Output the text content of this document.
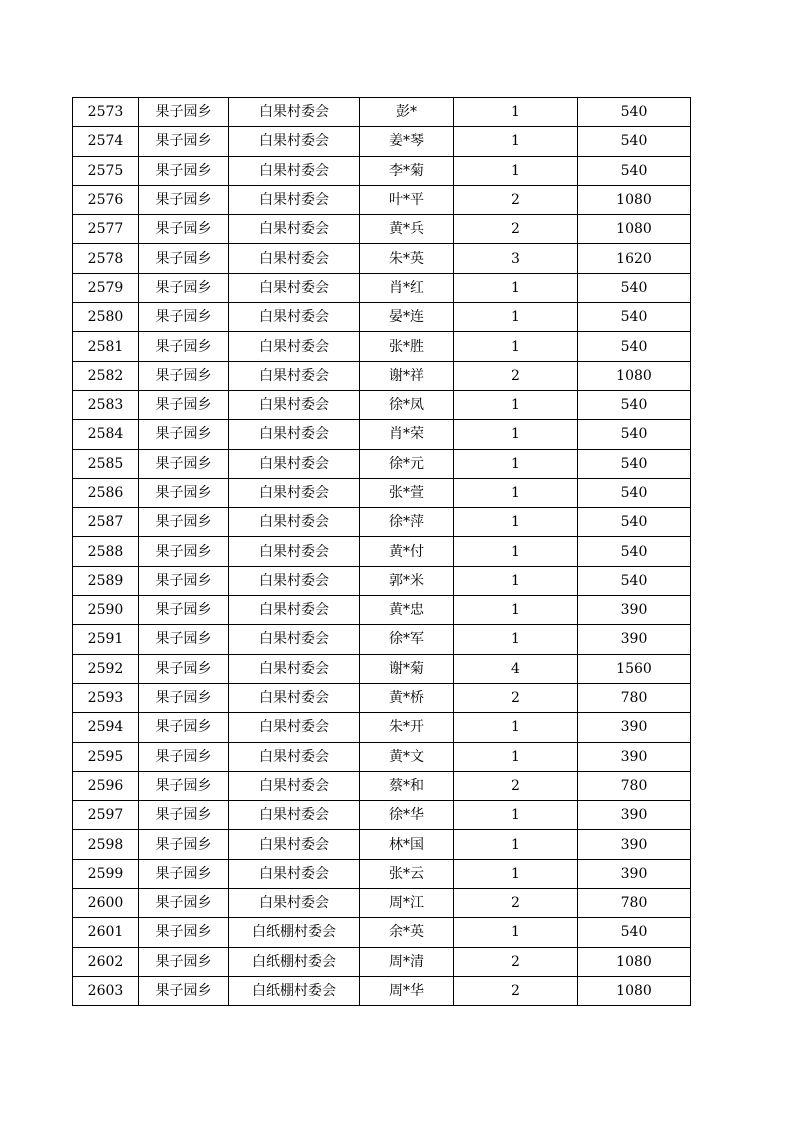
2573	果子园乡	白果村委会	彭*	1	540
2574	果子园乡	白果村委会	姜*琴	1	540
2575	果子园乡	白果村委会	李*菊	1	540
2576	果子园乡	白果村委会	叶*平	2	1080
2577	果子园乡	白果村委会	黄*兵	2	1080
2578	果子园乡	白果村委会	朱*英	3	1620
2579	果子园乡	白果村委会	肖*红	1	540
2580	果子园乡	白果村委会	晏*连	1	540
2581	果子园乡	白果村委会	张*胜	1	540
2582	果子园乡	白果村委会	谢*祥	2	1080
2583	果子园乡	白果村委会	徐*凤	1	540
2584	果子园乡	白果村委会	肖*荣	1	540
2585	果子园乡	白果村委会	徐*元	1	540
2586	果子园乡	白果村委会	张*萱	1	540
2587	果子园乡	白果村委会	徐*萍	1	540
2588	果子园乡	白果村委会	黄*付	1	540
2589	果子园乡	白果村委会	郭*米	1	540
2590	果子园乡	白果村委会	黄*忠	1	390
2591	果子园乡	白果村委会	徐*军	1	390
2592	果子园乡	白果村委会	谢*菊	4	1560
2593	果子园乡	白果村委会	黄*桥	2	780
2594	果子园乡	白果村委会	朱*开	1	390
2595	果子园乡	白果村委会	黄*文	1	390
2596	果子园乡	白果村委会	蔡*和	2	780
2597	果子园乡	白果村委会	徐*华	1	390
2598	果子园乡	白果村委会	林*国	1	390
2599	果子园乡	白果村委会	张*云	1	390
2600	果子园乡	白果村委会	周*江	2	780
2601	果子园乡	白纸棚村委会	余*英	1	540
2602	果子园乡	白纸棚村委会	周*清	2	1080
2603	果子园乡	白纸棚村委会	周*华	2	1080
